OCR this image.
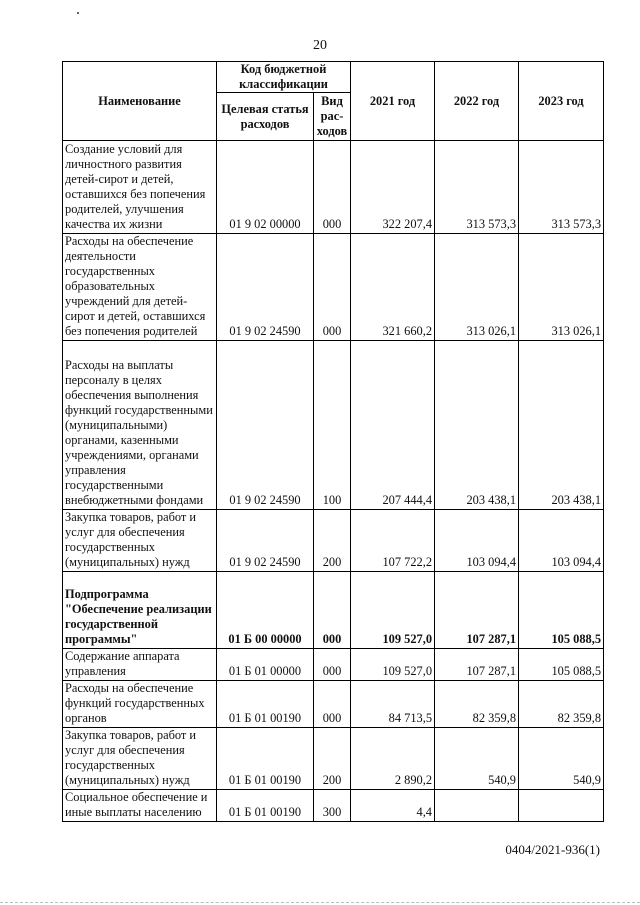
20
Наименование	Код бюджетной классификации		2021 год	2022 год	2023 год
	Целевая статья расходов	Вид рас-ходов			
Создание условий для личностного развития детей-сирот и детей, оставшихся без попечения родителей, улучшения качества их жизни	01 9 02 00000	000	322 207,4	313 573,3	313 573,3
Расходы на обеспечение деятельности государственных образовательных учреждений для детей-сирот и детей, оставшихся без попечения родителей	01 9 02 24590	000	321 660,2	313 026,1	313 026,1
Расходы на выплаты персоналу в целях обеспечения выполнения функций государственными (муниципальными) органами, казенными учреждениями, органами управления государственными внебюджетными фондами	01 9 02 24590	100	207 444,4	203 438,1	203 438,1
Закупка товаров, работ и услуг для обеспечения государственных (муниципальных) нужд	01 9 02 24590	200	107 722,2	103 094,4	103 094,4
Подпрограмма "Обеспечение реализации государственной программы"	01 Б 00 00000	000	109 527,0	107 287,1	105 088,5
Содержание аппарата управления	01 Б 01 00000	000	109 527,0	107 287,1	105 088,5
Расходы на обеспечение функций государственных органов	01 Б 01 00190	000	84 713,5	82 359,8	82 359,8
Закупка товаров, работ и услуг для обеспечения государственных (муниципальных) нужд	01 Б 01 00190	200	2 890,2	540,9	540,9
Социальное обеспечение и иные выплаты населению	01 Б 01 00190	300	4,4		
0404/2021-936(1)
